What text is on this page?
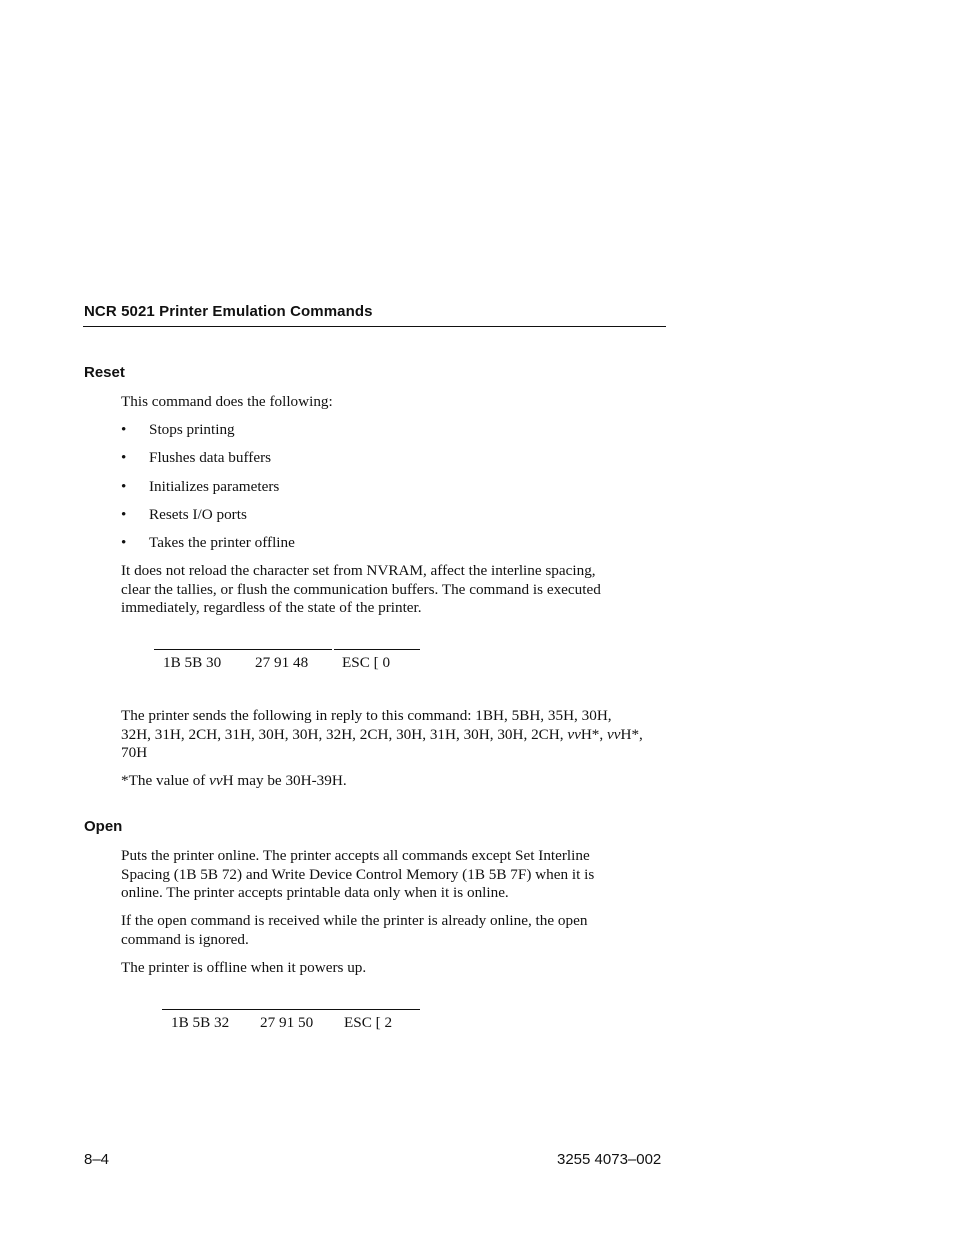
NCR 5021 Printer Emulation Commands
Reset
This command does the following:
• Stops printing
• Flushes data buffers
• Initializes parameters
• Resets I/O ports
• Takes the printer offline
It does not reload the character set from NVRAM, affect the interline spacing,
clear the tallies, or flush the communication buffers. The command is executed
immediately, regardless of the state of the printer.
1B 5B 30 27 91 48 ESC [ 0
The printer sends the following in reply to this command: 1BH, 5BH, 35H, 30H,
32H, 31H, 2CH, 31H, 30H, 30H, 32H, 2CH, 30H, 31H, 30H, 30H, 2CH, vvH*, vvH*,
70H
*The value of vvH may be 30H-39H.
Open
Puts the printer online. The printer accepts all commands except Set Interline
Spacing (1B 5B 72) and Write Device Control Memory (1B 5B 7F) when it is
online. The printer accepts printable data only when it is online.
If the open command is received while the printer is already online, the open
command is ignored.
The printer is offline when it powers up.
1B 5B 32 27 91 50 ESC [ 2
8–4	3255 4073–002
